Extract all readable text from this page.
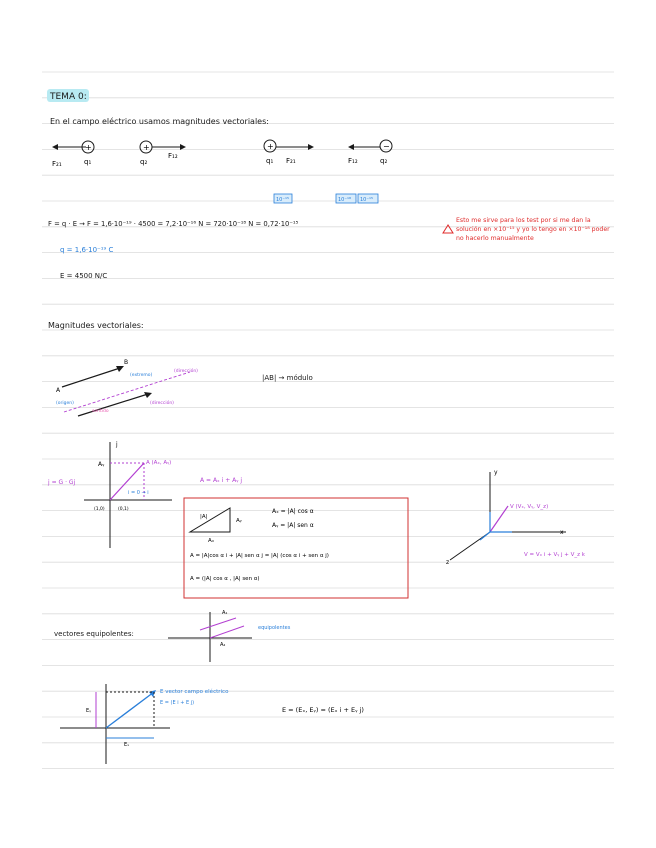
TEMA 0:
En el campo eléctrico usamos magnitudes vectoriales:
+
F₂₁	q₁
+
q₂
F₁₂
+
q₁ F₂₁
−
F₁₂	q₂
10⁻¹⁵	10⁻¹⁸ 10⁻¹⁵
F = q · E → F = 1,6·10⁻¹⁹ · 4500 = 7,2·10⁻¹⁶ N = 720·10⁻¹⁸ N = 0,72·10⁻¹⁵
q = 1,6·10⁻¹⁹ C
E = 4500 N/C
Esto me sirve para los test por si me dan la solución en ×10⁻¹⁵ y yo lo tengo en ×10⁻¹⁸ poder no hacerlo manualmente
Magnitudes vectoriales:
A
B
(extremo)
(dirección)
(origen)
sentido
(dirección)
|AB| → módulo
j
Aᵧ	A (Aₓ, Aᵧ)
j = G · Gj
i = 0 → i
(1,0)	(0,1)
A = Aₓ i + Aᵧ j
|A|
Aᵧ
Aₓ
Aₓ = |A| cos α
Aᵧ = |A| sen α
A = |A|cos α i + |A| sen α j = |A| (cos α i + sen α j)
A = (|A| cos α , |A| sen α)
y
x
z
V (Vₓ, Vᵧ, V_z)
V = Vₓ i + Vᵧ j + V_z k
vectores equipolentes:
equipolentes
A₁
A₂
E vector campo eléctrico
E = (E i + E j)
Eᵧ
Eₓ
E = (Eₓ, Eᵧ) = (Eₓ i + Eᵧ j)
